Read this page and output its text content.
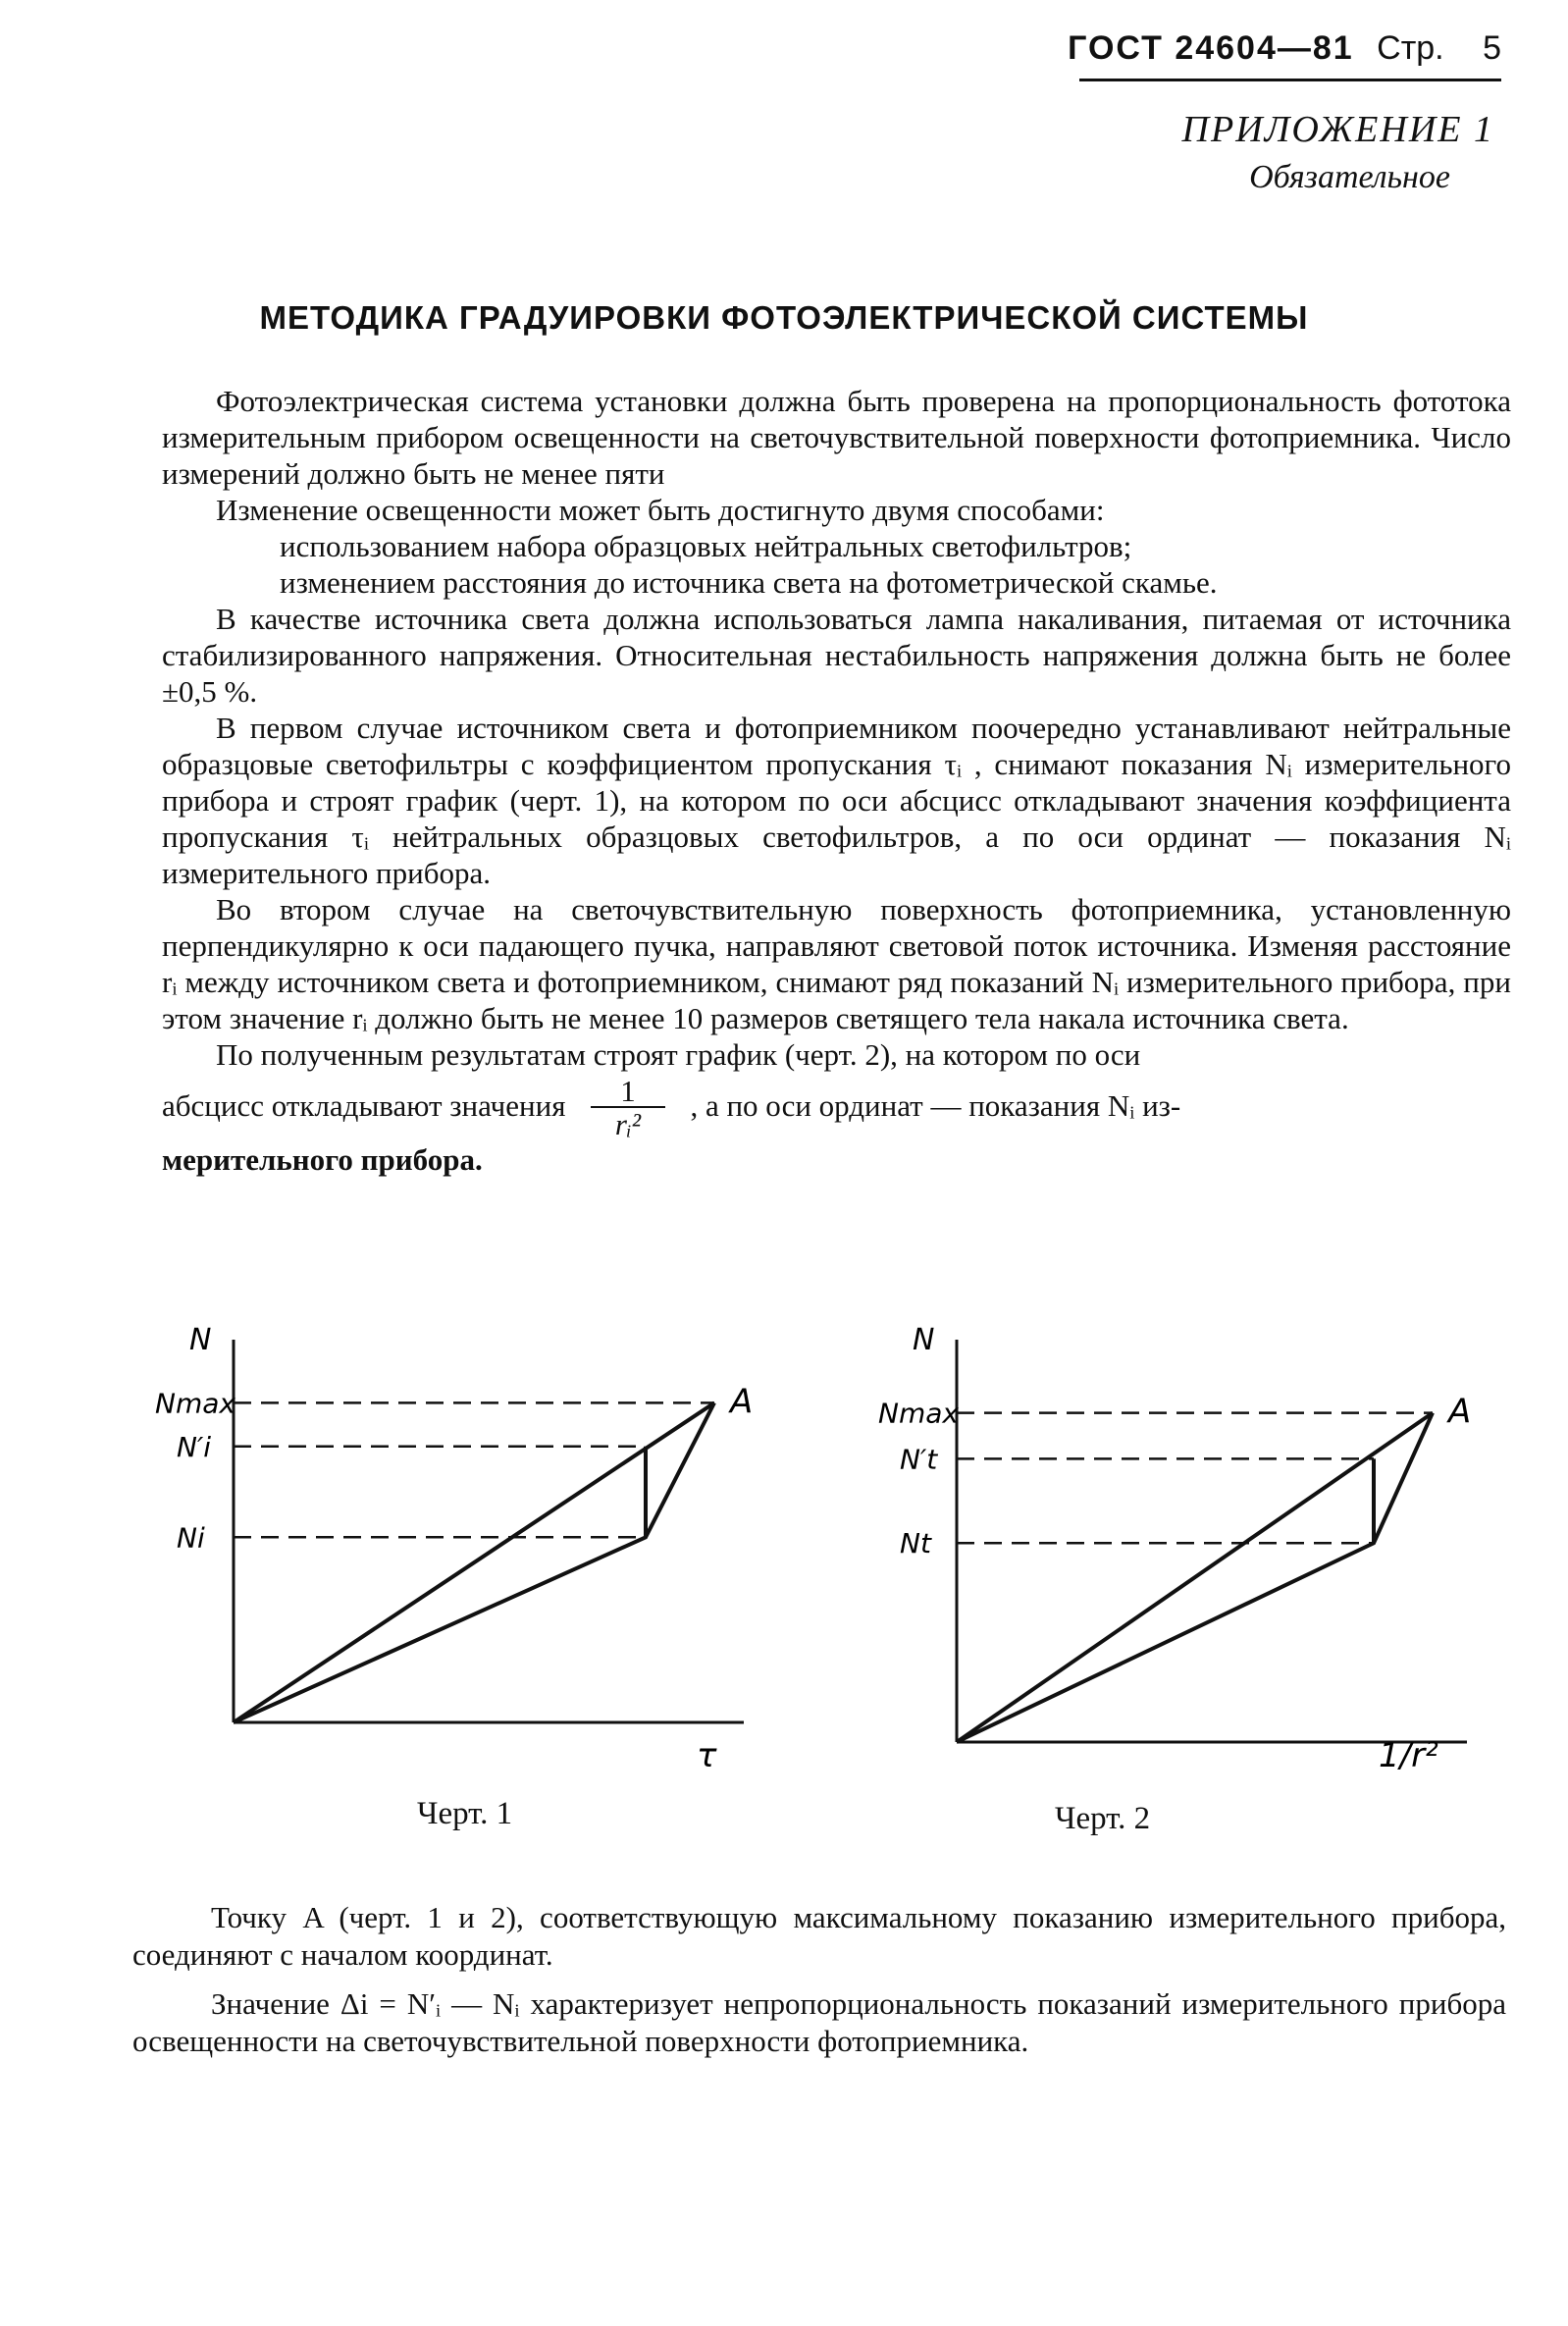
ГОСТ 24604—81 Стр. 5
ПРИЛОЖЕНИЕ 1
Обязательное
МЕТОДИКА ГРАДУИРОВКИ ФОТОЭЛЕКТРИЧЕСКОЙ СИСТЕМЫ

Фотоэлектрическая система установки должна быть проверена на пропорциональность фототока измерительным прибором освещенности на светочувствительной поверхности фотоприемника. Число измерений должно быть не менее пяти

Изменение освещенности может быть достигнуто двумя способами:

использованием набора образцовых нейтральных светофильтров;

изменением расстояния до источника света на фотометрической скамье.

В качестве источника света должна использоваться лампа накаливания, питаемая от источника стабилизированного напряжения. Относительная нестабильность напряжения должна быть не более ±0,5 %.

В первом случае источником света и фотоприемником поочередно устанавливают нейтральные образцовые светофильтры с коэффициентом пропускания τᵢ , снимают показания Nᵢ измерительного прибора и строят график (черт. 1), на котором по оси абсцисс откладывают значения коэффициента пропускания τᵢ нейтральных образцовых светофильтров, а по оси ординат — показания Nᵢ измерительного прибора.

Во втором случае на светочувствительную поверхность фотоприемника, установленную перпендикулярно к оси падающего пучка, направляют световой поток источника. Изменяя расстояние rᵢ между источником света и фотоприемником, снимают ряд показаний Nᵢ измерительного прибора, при этом значение rᵢ должно быть не менее 10 размеров светящего тела накала источника света.

По полученным результатам строят график (черт. 2), на котором по оси

абсцисс откладывают значения $\frac{1}{\text{rᵢ²}}$ , а по оси ординат — показания Nᵢ из-

мерительного прибора.

N
τ
Nmax
N′i
Ni
A
Черт. 1
N
1/r²
Nmax
N′t
Nt
A
Черт. 2

Точку A (черт. 1 и 2), соответствующую максимальному показанию измерительного прибора, соединяют с началом координат.

Значение Δi = N′ᵢ — Nᵢ характеризует непропорциональность показаний измерительного прибора освещенности на светочувствительной поверхности фотоприемника.
